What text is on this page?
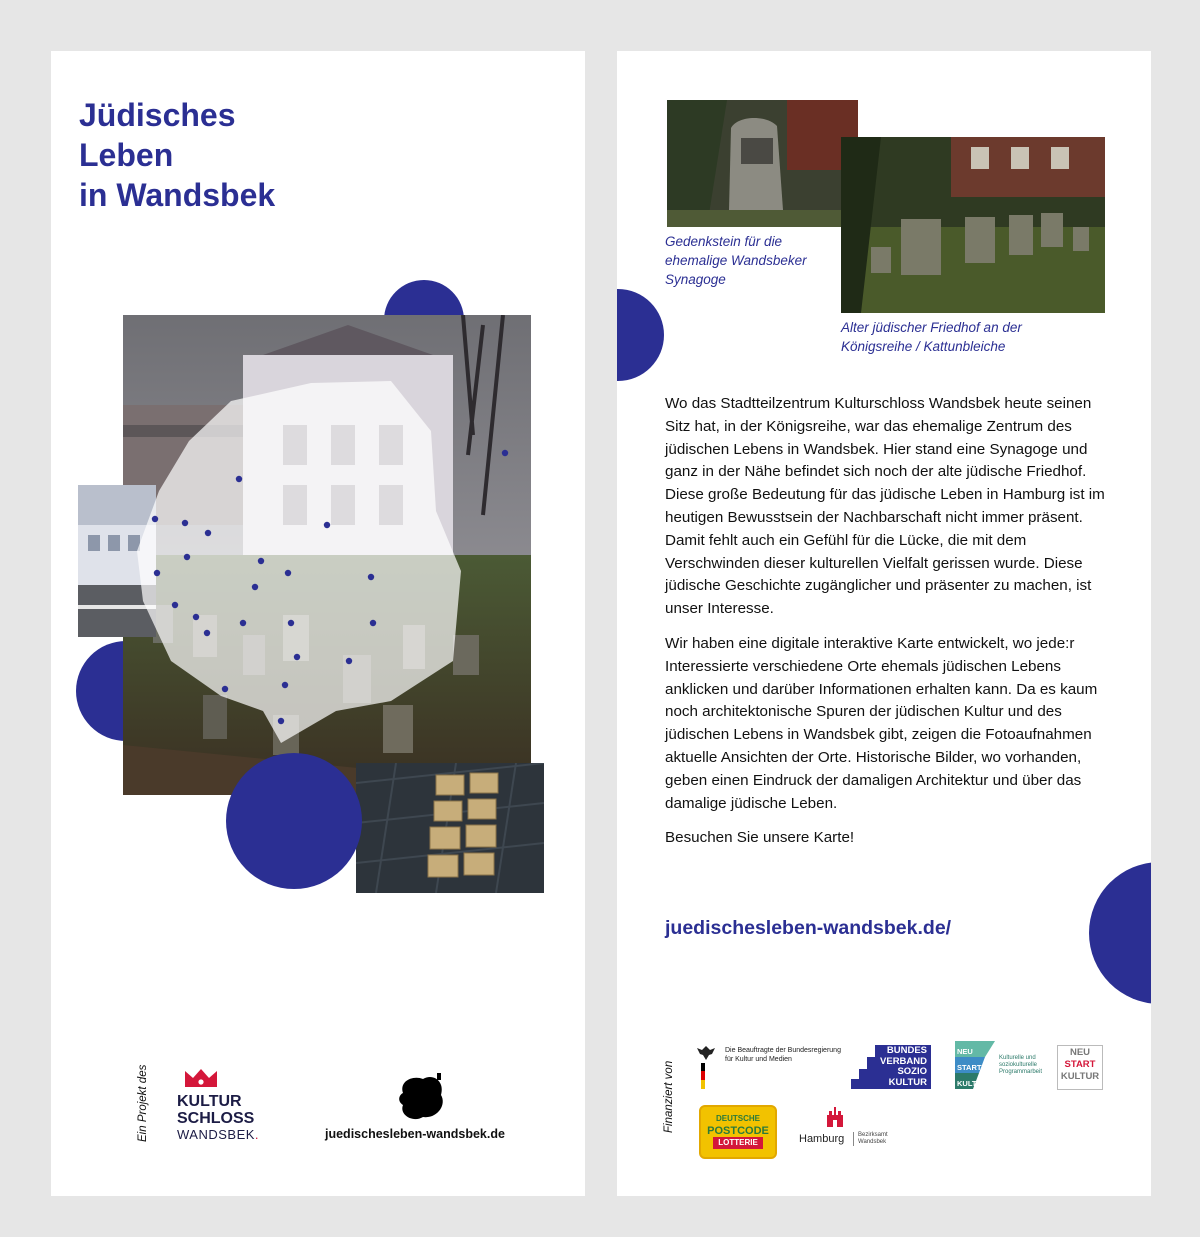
Jüdisches
Leben
in Wandsbek
Ein Projekt des KULTUR
SCHLOSS
WANDSBEK.	juedischesleben-wandsbek.de

Gedenkstein für die
ehemalige Wandsbeker
Synagoge

Alter jüdischer Friedhof an der
Königsreihe / Kattunbleiche

Wo das Stadtteilzentrum Kulturschloss Wandsbek heute seinen Sitz hat, in der Königsreihe, war das ehemalige Zentrum des jüdischen Lebens in Wandsbek. Hier stand eine Synagoge und ganz in der Nähe befindet sich noch der alte jüdische Friedhof. Diese große Bedeutung für das jüdische Leben in Hamburg ist im heutigen Bewusstsein der Nachbarschaft nicht immer präsent. Damit fehlt auch ein Gefühl für die Lücke, die mit dem Verschwinden dieser kulturellen Vielfalt gerissen wurde. Diese jüdische Geschichte zugänglicher und präsenter zu machen, ist unser Interesse.

Wir haben eine digitale interaktive Karte entwickelt, wo jede:r Interessierte verschiedene Orte ehemals jüdischen Lebens anklicken und darüber Informationen erhalten kann. Da es kaum noch architektonische Spuren der jüdischen Kultur und des jüdischen Lebens in Wandsbek gibt, zeigen die Fotoaufnahmen aktuelle Ansichten der Orte. Historische Bilder, wo vorhanden, geben einen Eindruck der damaligen Architektur und über das damalige jüdische Leben.

Besuchen Sie unsere Karte!

juedischesleben-wandsbek.de/
Finanziert von
Die Beauftragte der Bundesregierung
für Kultur und Medien
BUNDES
VERBAND
SOZIO
KULTUR
NEU
START
KULTUR
Kulturelle und
soziokulturelle
Programmarbeit
NEU
START
KULTUR
DEUTSCHE
POSTCODE
LOTTERIE	Hamburg Bezirksamt
Wandsbek
